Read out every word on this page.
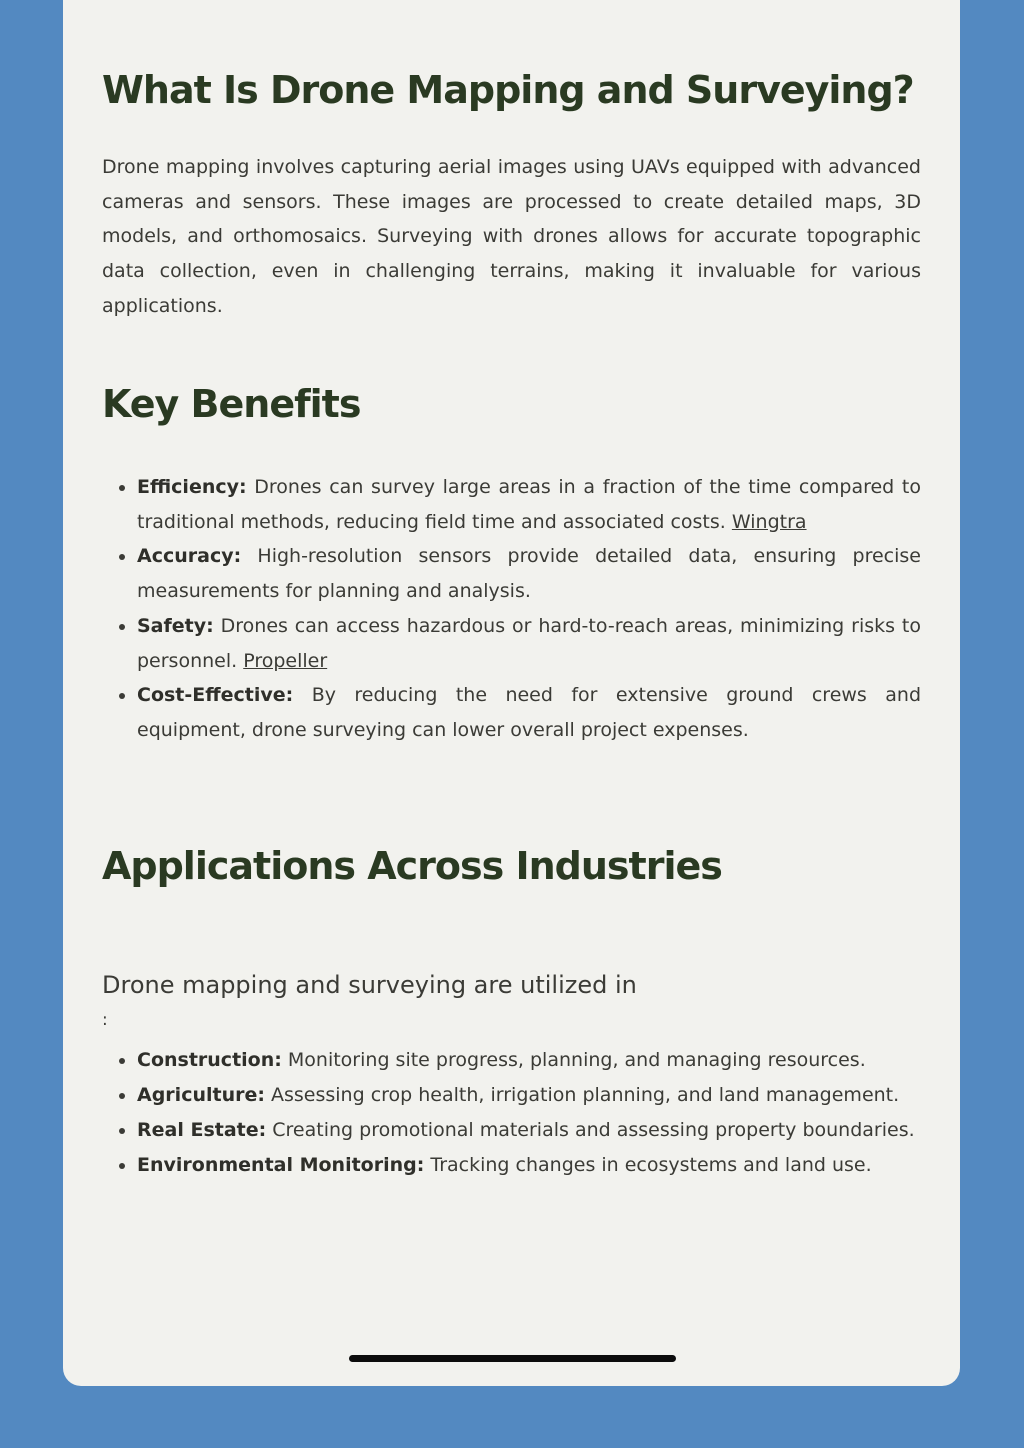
What Is Drone Mapping and Surveying?

Drone mapping involves capturing aerial images using UAVs equipped with advanced cameras and sensors. These images are processed to create detailed maps, 3D models, and orthomosaics. Surveying with drones allows for accurate topographic data collection, even in challenging terrains, making it invaluable for various applications.

Key Benefits
• Efficiency: Drones can survey large areas in a fraction of the time compared to traditional methods, reducing field time and associated costs. Wingtra
• Accuracy: High-resolution sensors provide detailed data, ensuring precise measurements for planning and analysis.
• Safety: Drones can access hazardous or hard-to-reach areas, minimizing risks to personnel. Propeller
• Cost-Effective: By reducing the need for extensive ground crews and equipment, drone surveying can lower overall project expenses.
Applications Across Industries

Drone mapping and surveying are utilized in

:

• Construction: Monitoring site progress, planning, and managing resources.
• Agriculture: Assessing crop health, irrigation planning, and land management.
• Real Estate: Creating promotional materials and assessing property boundaries.
• Environmental Monitoring: Tracking changes in ecosystems and land use.
